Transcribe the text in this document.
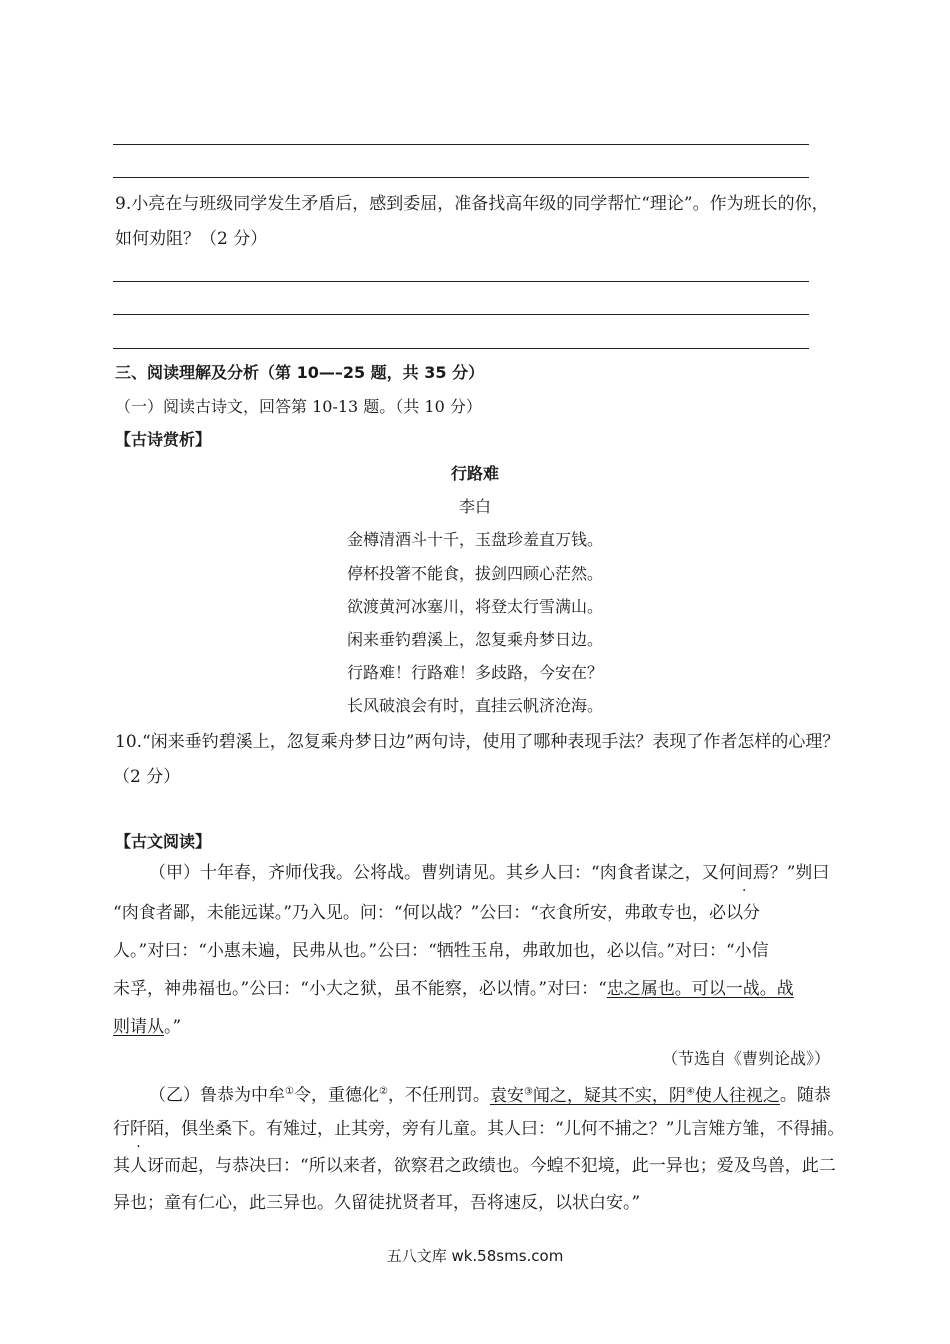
9.小亮在与班级同学发生矛盾后，感到委屈，准备找高年级的同学帮忙“理论”。作为班长的你，
如何劝阻？（2 分）
三、阅读理解及分析（第 10—–25 题，共 35 分）
（一）阅读古诗文，回答第 10-13 题。（共 10 分）
【古诗赏析】
行路难
李白
金樽清酒斗十千，玉盘珍羞直万钱。
停杯投箸不能食，拔剑四顾心茫然。
欲渡黄河冰塞川，将登太行雪满山。
闲来垂钓碧溪上，忽复乘舟梦日边。
行路难！行路难！多歧路，今安在？
长风破浪会有时，直挂云帆济沧海。
10.“闲来垂钓碧溪上，忽复乘舟梦日边”两句诗，使用了哪种表现手法？表现了作者怎样的心理？
（2 分）
【古文阅读】
（甲）十年春，齐师伐我。公将战。曹刿请见。其乡人曰：“肉食者谋之，又何间焉？”刿曰
“肉食者鄙，未能远谋。”乃入见。问：“何以战？”公曰：“衣食所安，弗敢专也，必以分
人。”对曰：“小惠未遍，民弗从也。”公曰：“牺牲玉帛，弗敢加也，必以信。”对曰：“小信
未孚，神弗福也。”公曰：“小大之狱，虽不能察，必以情。”对曰：“忠之属也。可以一战。战
则请从。”
（节选自《曹刿论战》）
（乙）鲁恭为中牟①令，重德化②，不任刑罚。袁安③闻之，疑其不实，阴④使人往视之。随恭
行阡陌，俱坐桑下。有雉过，止其旁，旁有儿童。其人曰：“儿何不捕之？”儿言雉方雏，不得捕。
其人讶而起，与恭决曰：“所以来者，欲察君之政绩也。今蝗不犯境，此一异也；爱及鸟兽，此二
异也；童有仁心，此三异也。久留徒扰贤者耳，吾将速反，以状白安。”
五八文库 wk.58sms.com
